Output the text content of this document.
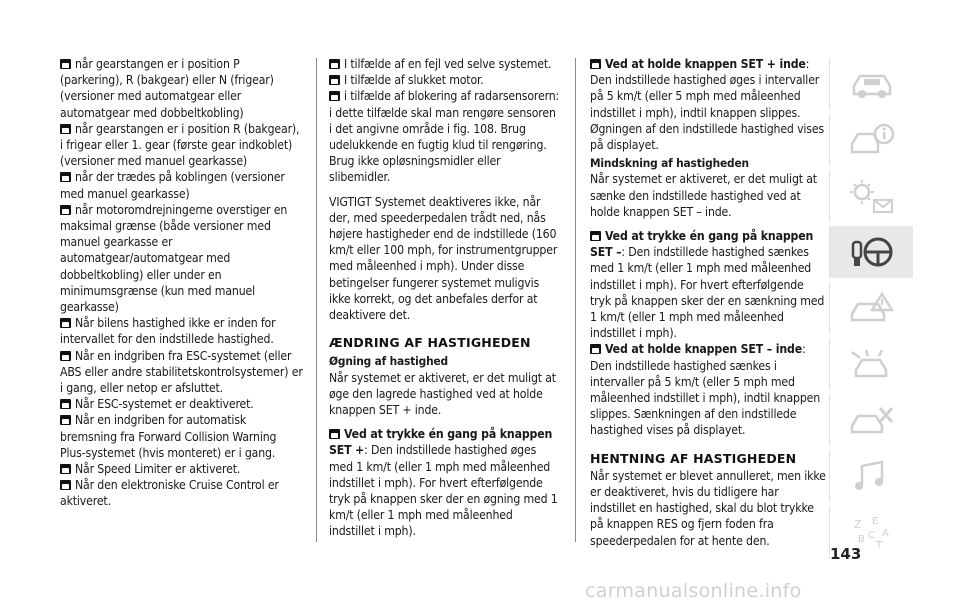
når gearstangen er i position P (parkering), R (bakgear) eller N (frigear) (versioner med automatgear eller automatgear med dobbeltkobling)
når gearstangen er i position R (bakgear), i frigear eller 1. gear (første gear indkoblet) (versioner med manuel gearkasse)
når der trædes på koblingen (versioner med manuel gearkasse)
når motoromdrejningerne overstiger en maksimal grænse (både versioner med manuel gearkasse er automatgear/automatgear med dobbeltkobling) eller under en minimumsgrænse (kun med manuel gearkasse)
Når bilens hastighed ikke er inden for intervallet for den indstillede hastighed.
Når en indgriben fra ESC-systemet (eller ABS eller andre stabilitetskontrolsystemer) er i gang, eller netop er afsluttet.
Når ESC-systemet er deaktiveret.
Når en indgriben for automatisk bremsning fra Forward Collision Warning Plus-systemet (hvis monteret) er i gang.
Når Speed Limiter er aktiveret.
Når den elektroniske Cruise Control er aktiveret.
I tilfælde af en fejl ved selve systemet.
I tilfælde af slukket motor.
i tilfælde af blokering af radarsensorern: i dette tilfælde skal man rengøre sensoren i det angivne område i fig. 108. Brug udelukkende en fugtig klud til rengøring. Brug ikke opløsningsmidler eller slibemidler.
VIGTIGT Systemet deaktiveres ikke, når der, med speederpedalen trådt ned, nås højere hastigheder end de indstillede (160 km/t eller 100 mph, for instrumentgrupper med måleenhed i mph). Under disse betingelser fungerer systemet muligvis ikke korrekt, og det anbefales derfor at deaktivere det.
ÆNDRING AF HASTIGHEDEN
Øgning af hastighed
Når systemet er aktiveret, er det muligt at øge den lagrede hastighed ved at holde knappen SET + inde.
Ved at trykke én gang på knappen SET +: Den indstillede hastighed øges med 1 km/t (eller 1 mph med måleenhed indstillet i mph). For hvert efterfølgende tryk på knappen sker der en øgning med 1 km/t (eller 1 mph med måleenhed indstillet i mph).
Ved at holde knappen SET + inde: Den indstillede hastighed øges i intervaller på 5 km/t (eller 5 mph med måleenhed indstillet i mph), indtil knappen slippes. Øgningen af den indstillede hastighed vises på displayet.
Mindskning af hastigheden
Når systemet er aktiveret, er det muligt at sænke den indstillede hastighed ved at holde knappen SET – inde.
Ved at trykke én gang på knappen SET –: Den indstillede hastighed sænkes med 1 km/t (eller 1 mph med måleenhed indstillet i mph). For hvert efterfølgende tryk på knappen sker der en sænkning med 1 km/t (eller 1 mph med måleenhed indstillet i mph).
Ved at holde knappen SET – inde: Den indstillede hastighed sænkes i intervaller på 5 km/t (eller 5 mph med måleenhed indstillet i mph), indtil knappen slippes. Sænkningen af den indstillede hastighed vises på displayet.
HENTNING AF HASTIGHEDEN
Når systemet er blevet annulleret, men ikke er deaktiveret, hvis du tidligere har indstillet en hastighed, skal du blot trykke på knappen RES og fjern foden fra speederpedalen for at hente den.
Z E
B C A
T
143
carmanualsonline.info
